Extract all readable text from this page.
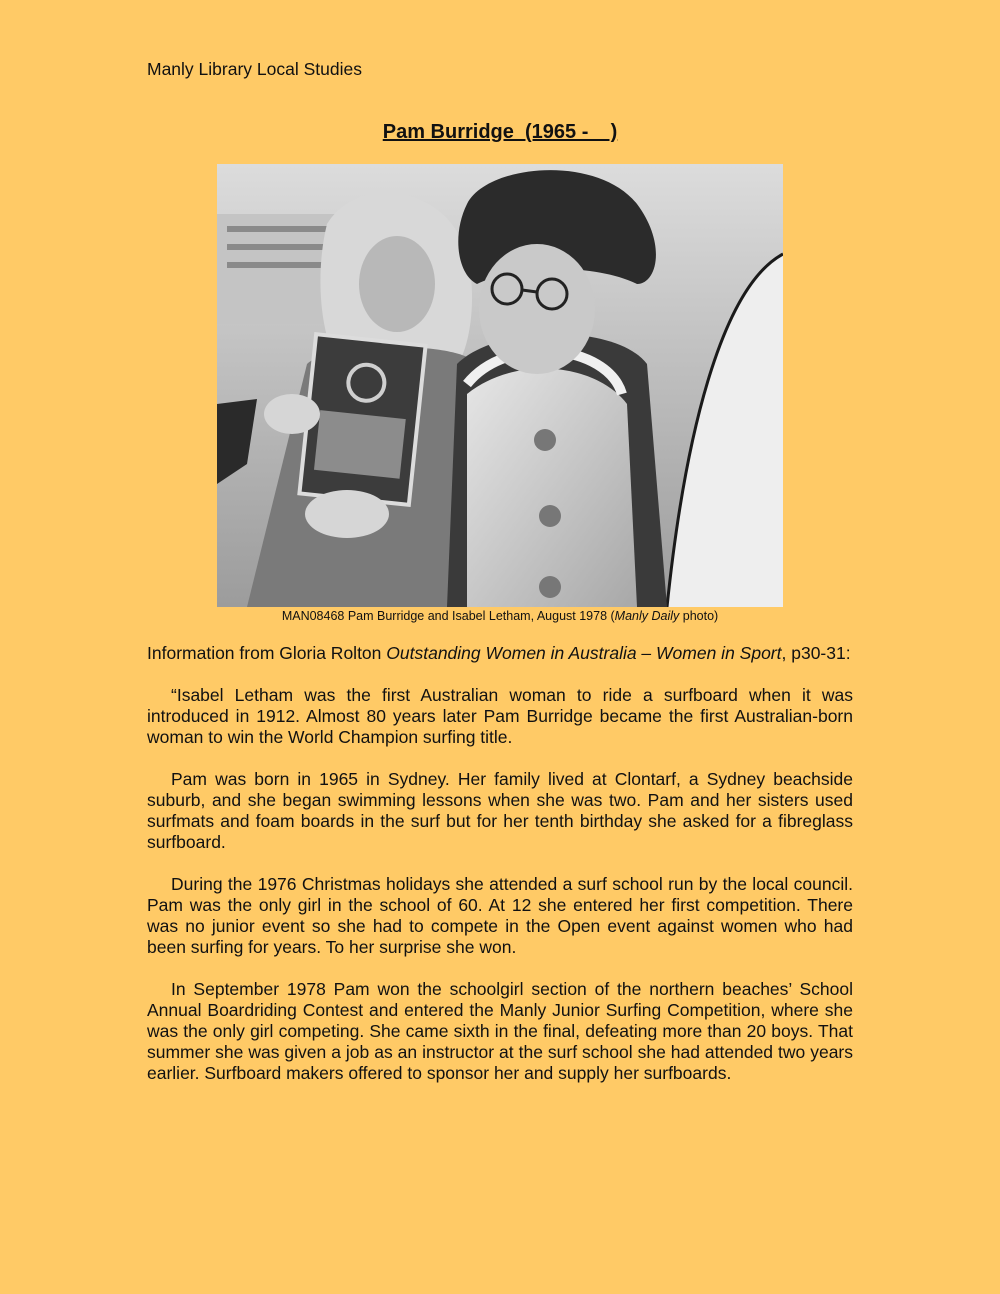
Manly Library Local Studies
Pam Burridge  (1965 -    )
MAN08468 Pam Burridge and Isabel Letham, August 1978 (Manly Daily photo)

Information from Gloria Rolton Outstanding Women in Australia – Women in Sport, p30-31:

“Isabel Letham was the first Australian woman to ride a surfboard when it was introduced in 1912. Almost 80 years later Pam Burridge became the first Australian-born woman to win the World Champion surfing title.

Pam was born in 1965 in Sydney. Her family lived at Clontarf, a Sydney beachside suburb, and she began swimming lessons when she was two. Pam and her sisters used surfmats and foam boards in the surf but for her tenth birthday she asked for a fibreglass surfboard.

During the 1976 Christmas holidays she attended a surf school run by the local council. Pam was the only girl in the school of 60. At 12 she entered her first competition. There was no junior event so she had to compete in the Open event against women who had been surfing for years. To her surprise she won.

In September 1978 Pam won the schoolgirl section of the northern beaches’ School Annual Boardriding Contest and entered the Manly Junior Surfing Competition, where she was the only girl competing. She came sixth in the final, defeating more than 20 boys. That summer she was given a job as an instructor at the surf school she had attended two years earlier. Surfboard makers offered to sponsor her and supply her surfboards.
